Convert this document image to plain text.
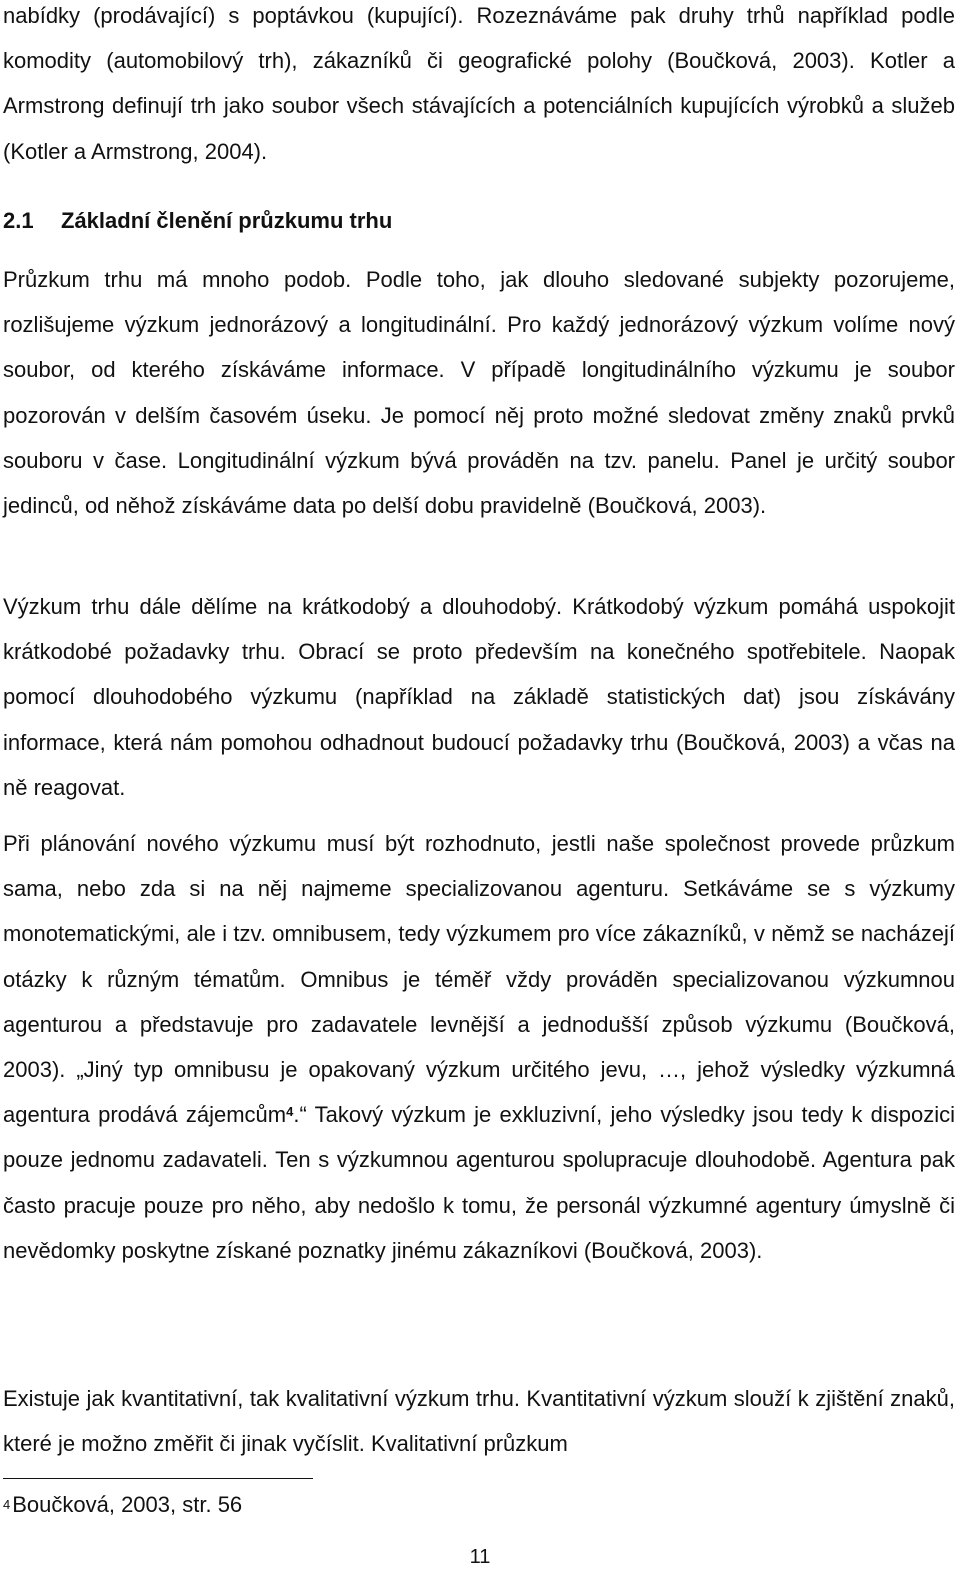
nabídky (prodávající) s poptávkou (kupující). Rozeznáváme pak druhy trhů například podle komodity (automobilový trh), zákazníků či geografické polohy (Boučková, 2003). Kotler a Armstrong definují trh jako soubor všech stávajících a potenciálních kupujících výrobků a služeb (Kotler a Armstrong, 2004).
2.1 Základní členění průzkumu trhu
Průzkum trhu má mnoho podob. Podle toho, jak dlouho sledované subjekty pozorujeme, rozlišujeme výzkum jednorázový a longitudinální. Pro každý jednorázový výzkum volíme nový soubor, od kterého získáváme informace. V případě longitudinálního výzkumu je soubor pozorován v delším časovém úseku. Je pomocí něj proto možné sledovat změny znaků prvků souboru v čase. Longitudinální výzkum bývá prováděn na tzv. panelu. Panel je určitý soubor jedinců, od něhož získáváme data po delší dobu pravidelně (Boučková, 2003).
Výzkum trhu dále dělíme na krátkodobý a dlouhodobý. Krátkodobý výzkum pomáhá uspokojit krátkodobé požadavky trhu. Obrací se proto především na konečného spotřebitele. Naopak pomocí dlouhodobého výzkumu (například na základě statistických dat) jsou získávány informace, která nám pomohou odhadnout budoucí požadavky trhu (Boučková, 2003) a včas na ně reagovat.
Při plánování nového výzkumu musí být rozhodnuto, jestli naše společnost provede průzkum sama, nebo zda si na něj najmeme specializovanou agenturu. Setkáváme se s výzkumy monotematickými, ale i tzv. omnibusem, tedy výzkumem pro více zákazníků, v němž se nacházejí otázky k různým tématům. Omnibus je téměř vždy prováděn specializovanou výzkumnou agenturou a představuje pro zadavatele levnější a jednodušší způsob výzkumu (Boučková, 2003). „Jiný typ omnibusu je opakovaný výzkum určitého jevu, …, jehož výsledky výzkumná agentura prodává zájemcům$^4$.“ Takový výzkum je exkluzivní, jeho výsledky jsou tedy k dispozici pouze jednomu zadavateli. Ten s výzkumnou agenturou spolupracuje dlouhodobě. Agentura pak často pracuje pouze pro něho, aby nedošlo k tomu, že personál výzkumné agentury úmyslně či nevědomky poskytne získané poznatky jinému zákazníkovi (Boučková, 2003).
Existuje jak kvantitativní, tak kvalitativní výzkum trhu. Kvantitativní výzkum slouží k zjištění znaků, které je možno změřit či jinak vyčíslit. Kvalitativní průzkum
$^4$Boučková, 2003, str. 56
11
